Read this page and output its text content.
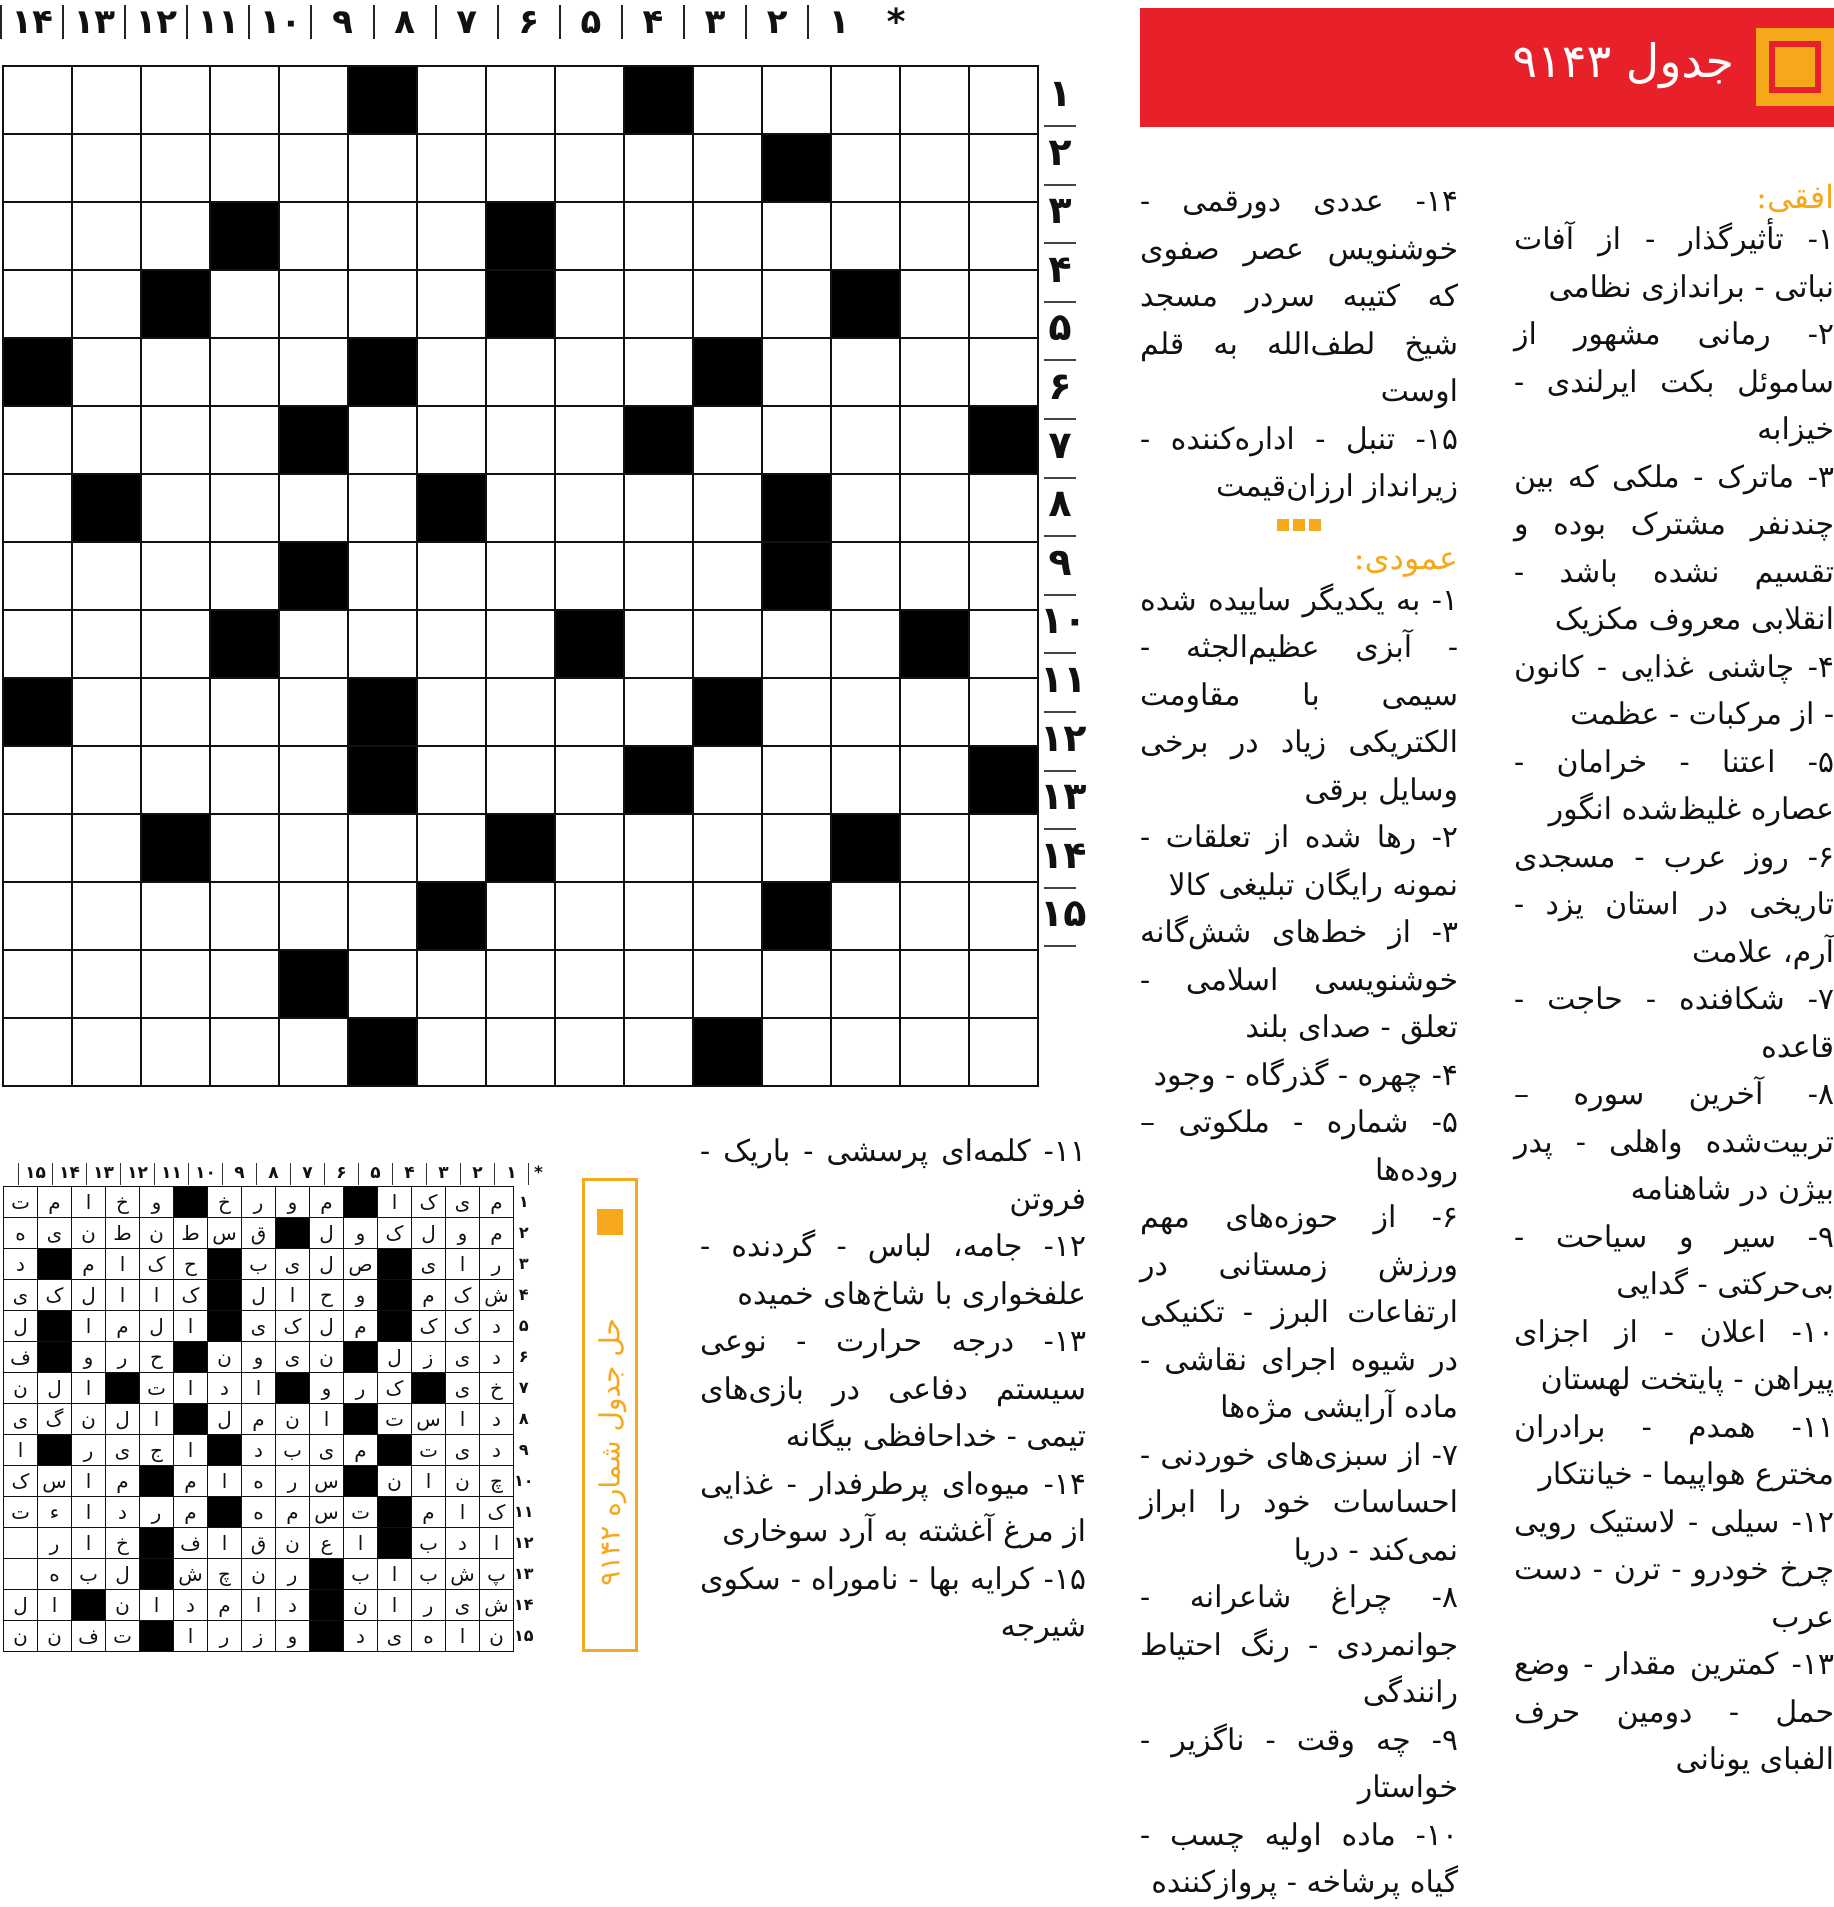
*
۱
۲
۳
۴
۵
۶
۷
۸
۹
۱۰
۱۱
۱۲
۱۳
۱۴

۱
۲
۳
۴
۵
۶
۷
۸
۹
۱۰
۱۱
۱۲
۱۳
۱۴
۱۵
جدول ۹۱۴۳
افقی:
۱- تأثیرگذار - از آفات نباتی - براندازی نظامی
۲- رمانی مشهور از ساموئل بکت ایرلندی - خیزابه
۳- ماترک - ملکی که بین چندنفر مشترک بوده و تقسیم نشده باشد - انقلابی معروف مکزیک
۴- چاشنی غذایی - کانون - از مرکبات - عظمت
۵- اعتنا - خرامان - عصاره غلیظ‌شده انگور
۶- روز عرب - مسجدی تاریخی در استان یزد - آرم، علامت
۷- شکافنده - حاجت - قاعده
۸- آخرین سوره – تربیت‌شده واهلی - پدر بیژن در شاهنامه
۹- سیر و سیاحت - بی‌حرکتی - گدایی
۱۰- اعلان - از اجزای پیراهن - پایتخت لهستان
۱۱- همدم - برادران مخترع هواپیما - خیانتکار
۱۲- سیلی - لاستیک رویی چرخ خودرو - ترن - دست عرب
۱۳- کمترین مقدار - وضع حمل - دومین حرف الفبای یونانی
۱۴- عددی دورقمی - خوشنویس عصر صفوی که کتیبه سردر مسجد شیخ لطف‌الله به قلم اوست
۱۵- تنبل - اداره‌کننده - زیرانداز ارزان‌قیمت
عمودی:
۱- به یکدیگر ساییده شده - آبزی عظیم‌الجثه - سیمی با مقاومت الکتریکی زیاد در برخی وسایل برقی
۲- رها شده از تعلقات - نمونه رایگان تبلیغی کالا
۳- از خط‌های شش‌گانه خوشنویسی اسلامی - تعلق - صدای بلند
۴- چهره - گذرگاه - وجود
۵- شماره - ملکوتی – روده‌ها
۶- از حوزه‌های مهم ورزش زمستانی در ارتفاعات البرز - تکنیکی در شیوه اجرای نقاشی - ماده آرایشی مژه‌ها
۷- از سبزی‌های خوردنی - احساسات خود را ابراز نمی‌کند - دریا
۸- چراغ شاعرانه - جوانمردی - رنگ احتیاط رانندگی
۹- چه وقت - ناگزیر - خواستار
۱۰- ماده اولیه چسب - گیاه پرشاخه - پروازکننده
۱۱- کلمه‌ای پرسشی - باریک - فروتن
۱۲- جامه، لباس - گردنده - علفخواری با شاخ‌های خمیده
۱۳- درجه حرارت - نوعی سیستم دفاعی در بازی‌های تیمی - خداحافظی بیگانه
۱۴- میوه‌ای پرطرفدار - غذایی از مرغ آغشته به آرد سوخاری
۱۵- کرایه بها - ناموراه - سکوی شیرجه
حل جدول شماره ۹۱۴۲
*
۱
۲
۳
۴
۵
۶
۷
۸
۹
۱۰
۱۱
۱۲
۱۳
۱۴
۱۵
۱	م	ى	ک	ا		م	و	ر	خ		و	خ	ا	م	ت
۲	م	و	ل	ک	و	ل		ق	س	ط	ن	ط	ن	ی	ه
۳	ر	ا	ی		ص	ل	ی	ب		ح	ک	ا	م		د
۴	ش	ک	م		و	ح	ا	ل		ک	ا	ا	ل	ک	ی
۵	د	ک	ک		م	ل	ک	ی		ا	ل	م	ا		ل
۶	د	ی	ز	ل		ن	ی	و	ن		ح	ر	و		ف
۷	خ	ی		ک	ر	و		ا	د	ا	ت		ا	ل	ن
۸	د	ا	س	ت		ا	ن	م	ل		ا	ل	ن	گ	ی
۹	د	ی	ت		م	ی	ب	د		ا	ج	ی	ر		ا
۱۰	چ	ن	ا	ن		س	ر	ه	ا	م		م	ا	س	ک
۱۱	ک	ا	م		ت	س	م	ه		م	ر	د	ا	ء	ت
۱۲	ا	د	ب		ا	ع	ن	ق	ا	ف		خ	ا	ر	
۱۳	پ	ش	ب	ا	ب		ر	ن	چ	ش		ل	ب	ه	
۱۴	ش	ی	ر	ا	ن		د	ا	م	د	ا	ن		ا	ل
۱۵	ن	ا	ه	ی	د		و	ز	ر	ا		ت	ف	ن	ن
